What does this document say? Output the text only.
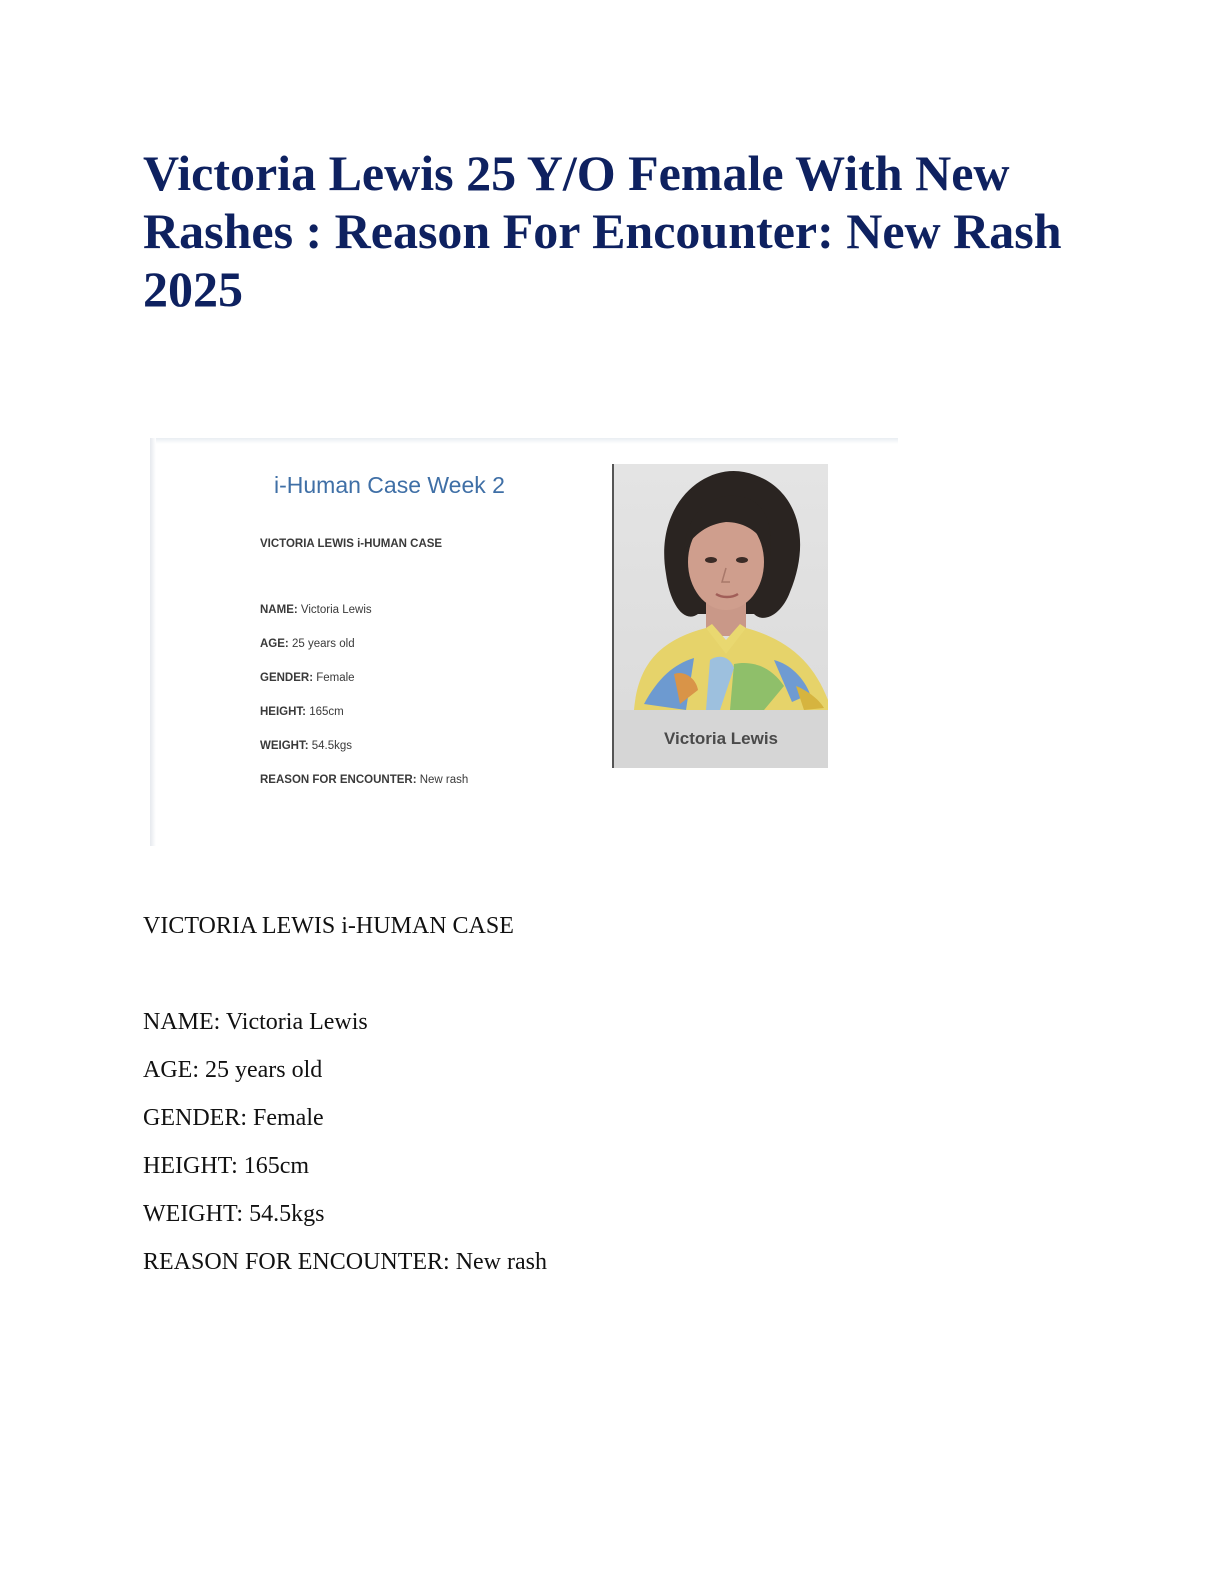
Victoria Lewis 25 Y/O Female With New Rashes : Reason For Encounter: New Rash 2025
i-Human Case Week 2
VICTORIA LEWIS i-HUMAN CASE
NAME: Victoria Lewis
AGE: 25 years old
GENDER: Female
HEIGHT: 165cm
WEIGHT: 54.5kgs
REASON FOR ENCOUNTER: New rash
Victoria Lewis
VICTORIA LEWIS i-HUMAN CASE
NAME: Victoria Lewis
AGE: 25 years old
GENDER: Female
HEIGHT: 165cm
WEIGHT: 54.5kgs
REASON FOR ENCOUNTER: New rash
